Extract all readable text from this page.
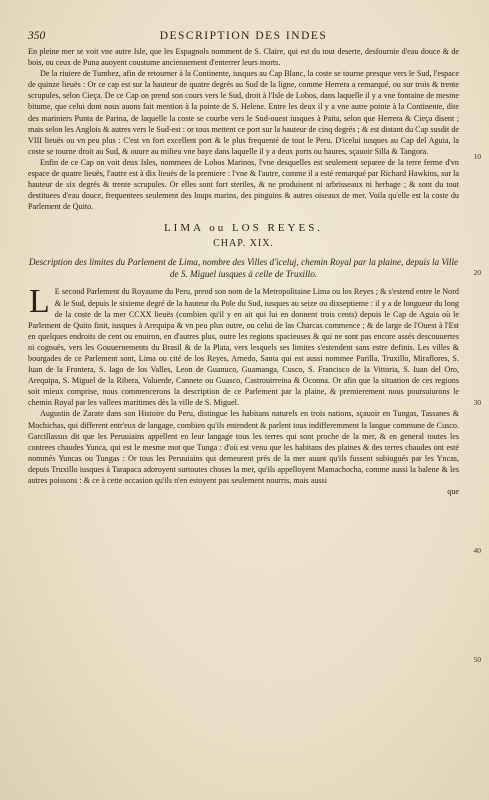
350	DESCRIPTION DES INDES

En pleine mer se voit vne autre Isle, que les Espagnols nomment de S. Claire, qui est du tout deserte, desfournie d'eau douce & de bois, ou ceux de Puna auoyent coustume anciennement d'enterrer leurs morts.

De la riuiere de Tumbez, afin de retourner à la Continente, iusques au Cap Blanc, la coste se tourne presque vers le Sud, l'espace de quinze lieuës : Or ce cap est sur la hauteur de quatre degrés au Sud de la ligne, comme Herrera a remarqué, ou sur trois & trente scrupules, selon Cieça. De ce Cap on prend son cours vers le Sud, droit à l'Isle de Lobos, dans laquelle il y a vne fontaine de mesme bitume, que celui dont nous auons fait mention à la pointe de S. Helene. Entre les deux il y a vne autre pointe à la Continente, dite des mariniers Punta de Parina, de laquelle la coste se courbe vers le Sud-ouest iusques à Paita, selon que Herrera & Cieça disent ; mais selon les Anglois & autres vers le Sud-est : or tous mettent ce port sur la hauteur de cinq degrés ; & est distant du Cap susdit de VIII lieuës ou vn peu plus : C'est vn fort excellent port & le plus frequenté de tout le Peru. D'icelui iusques au Cap del Aguia, la coste se tourne droit au Sud, & ouure au milieu vne baye dans laquelle il y a deux ports ou haures, sçauoir Silla & Tangora.

Enfin de ce Cap on voit deux Isles, nommees de Lobos Marinos, l'vne desquelles est seulement separee de la terre ferme d'vn espace de quatre lieuës, l'autre est à dix lieuës de la premiere : l'vne & l'autre, comme il a esté remarqué par Richard Hawkins, sur la hauteur de six degrés & trente scrupules. Or elles sont fort steriles, & ne produisent ni arbrisseaux ni herbage ; & sont du tout destituees d'eau douce, frequentees seulement des loups marins, des pinguins & autres oiseaux de mer. Voila qu'elle est la coste du Parlement de Quito.

LIMA ou LOS REYES.
CHAP. XIX.

Description des limites du Parlement de Lima, nombre des Villes d'iceluj, chemin Royal par la plaine, depuis la Ville de S. Miguel iusques à celle de Truxillo.

L E second Parlement du Royaume du Peru, prend son nom de la Metropolitaine Lima ou los Reyes ; & s'estend entre le Nord & le Sud, depuis le sixieme degré de la hauteur du Pole du Sud, iusques au seize ou dixseptieme : il y a de longueur du long de la coste de la mer CCXX lieuës (combien qu'il y en ait qui lui en donnent trois cents) depuis le Cap de Aguia où le Parlement de Quito finit, iusques à Arequipa & vn peu plus outre, ou celui de las Charcas commence ; & de large de l'Ouest à l'Est en quelques endroits de cent ou enuiron, en d'autres plus, outre les regions spacieuses & qui ne sont pas encore assés descouuertes ni cognuës, vers les Gouuernements du Brasil & de la Plata, vers lesquels ses limites s'estendent sans estre definis. Les villes & bourgades de ce Parlement sont, Lima ou cité de los Reyes, Arnedo, Santa qui est aussi nommee Parilla, Truxillo, Miraflores, S. Iuan de la Frontera, S. Iago de los Valles, Leon de Guanuco, Guamanga, Cusco, S. Francisco de la Vittoria, S. Iuan del Oro, Arequipa, S. Miguel de la Ribera, Valuerde, Cannete ou Guasco, Castrouirreina & Oconna. Or afin que la situation de ces regions soit mieux comprise, nous commencerons la description de ce Parlement par la plaine, & premierement nous poursuiurons le chemin Royal par les vallees maritimes dès la ville de S. Miguel.

Augustin de Zarate dans son Histoire du Peru, distingue les habitans naturels en trois nations, sçauoir en Tungas, Tassanes & Mochichas, qui different entr'eux de langage, combien qu'ils entendent & parlent tous indifferemment la langue commune de Cusco. Garcillassus dit que les Peruuiains appellent en leur langage tous les terres qui sont proche de la mer, & en general toutes les contrees chaudes Yunca, qui est le mesme mot que Tunga : d'où est venu que les habitans des plaines & des terres chaudes ont esté nommés Yuncas ou Tungas : Or tous les Peruuiains qui demeurent prés de la mer auant qu'ils fussent subiugués par les Yncas, depuis Truxillo iusques à Tarapaca adoroyent surtoutes choses la mer, qu'ils appelloyent Mamachocha, comme aussi la balene & les autres poissons : & ce à cette occasion qu'ils n'en estoyent pas seulement nourris, mais aussi

que
10
20
30
40
50
